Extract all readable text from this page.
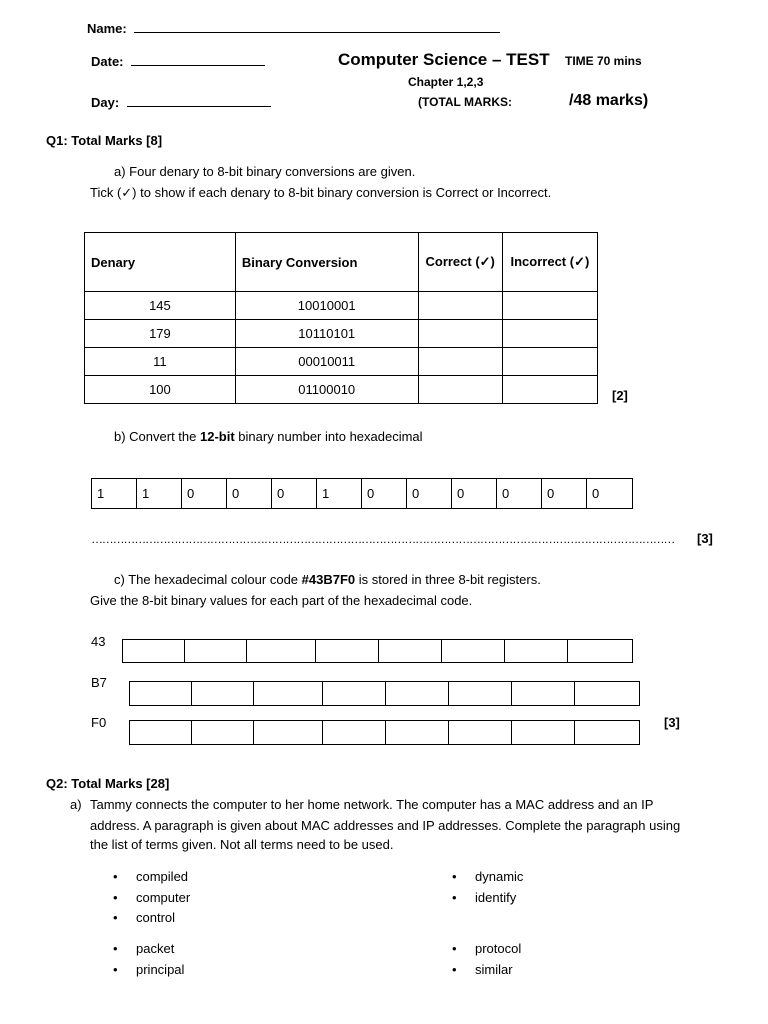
Name:
Date:
Day:
Computer Science – TEST TIME 70 mins
Chapter 1,2,3
(TOTAL MARKS:	/48 marks)
Q1: Total Marks [8]
a) Four denary to 8-bit binary conversions are given.
Tick (✓) to show if each denary to 8-bit binary conversion is Correct or Incorrect.
Denary	Binary Conversion	Correct (✓)	Incorrect (✓)
145	10010001		
179	10110101		
11	00010011		
100	01100010			[2]
b) Convert the 12-bit binary number into hexadecimal
1	1	0	0	0	1	0	0	0	0	0	0
………………………………………………………………………………………………………………………………………………	[3]
c) The hexadecimal colour code #43B7F0 is stored in three 8-bit registers.
Give the 8-bit binary values for each part of the hexadecimal code.
43
B7
F0	[3]
Q2: Total Marks [28]
a) Tammy connects the computer to her home network. The computer has a MAC address and an IP
address. A paragraph is given about MAC addresses and IP addresses. Complete the paragraph using
the list of terms given. Not all terms need to be used.
• compiled
• computer
• control
• packet
• principal
• dynamic
• identify
• protocol
• similar
